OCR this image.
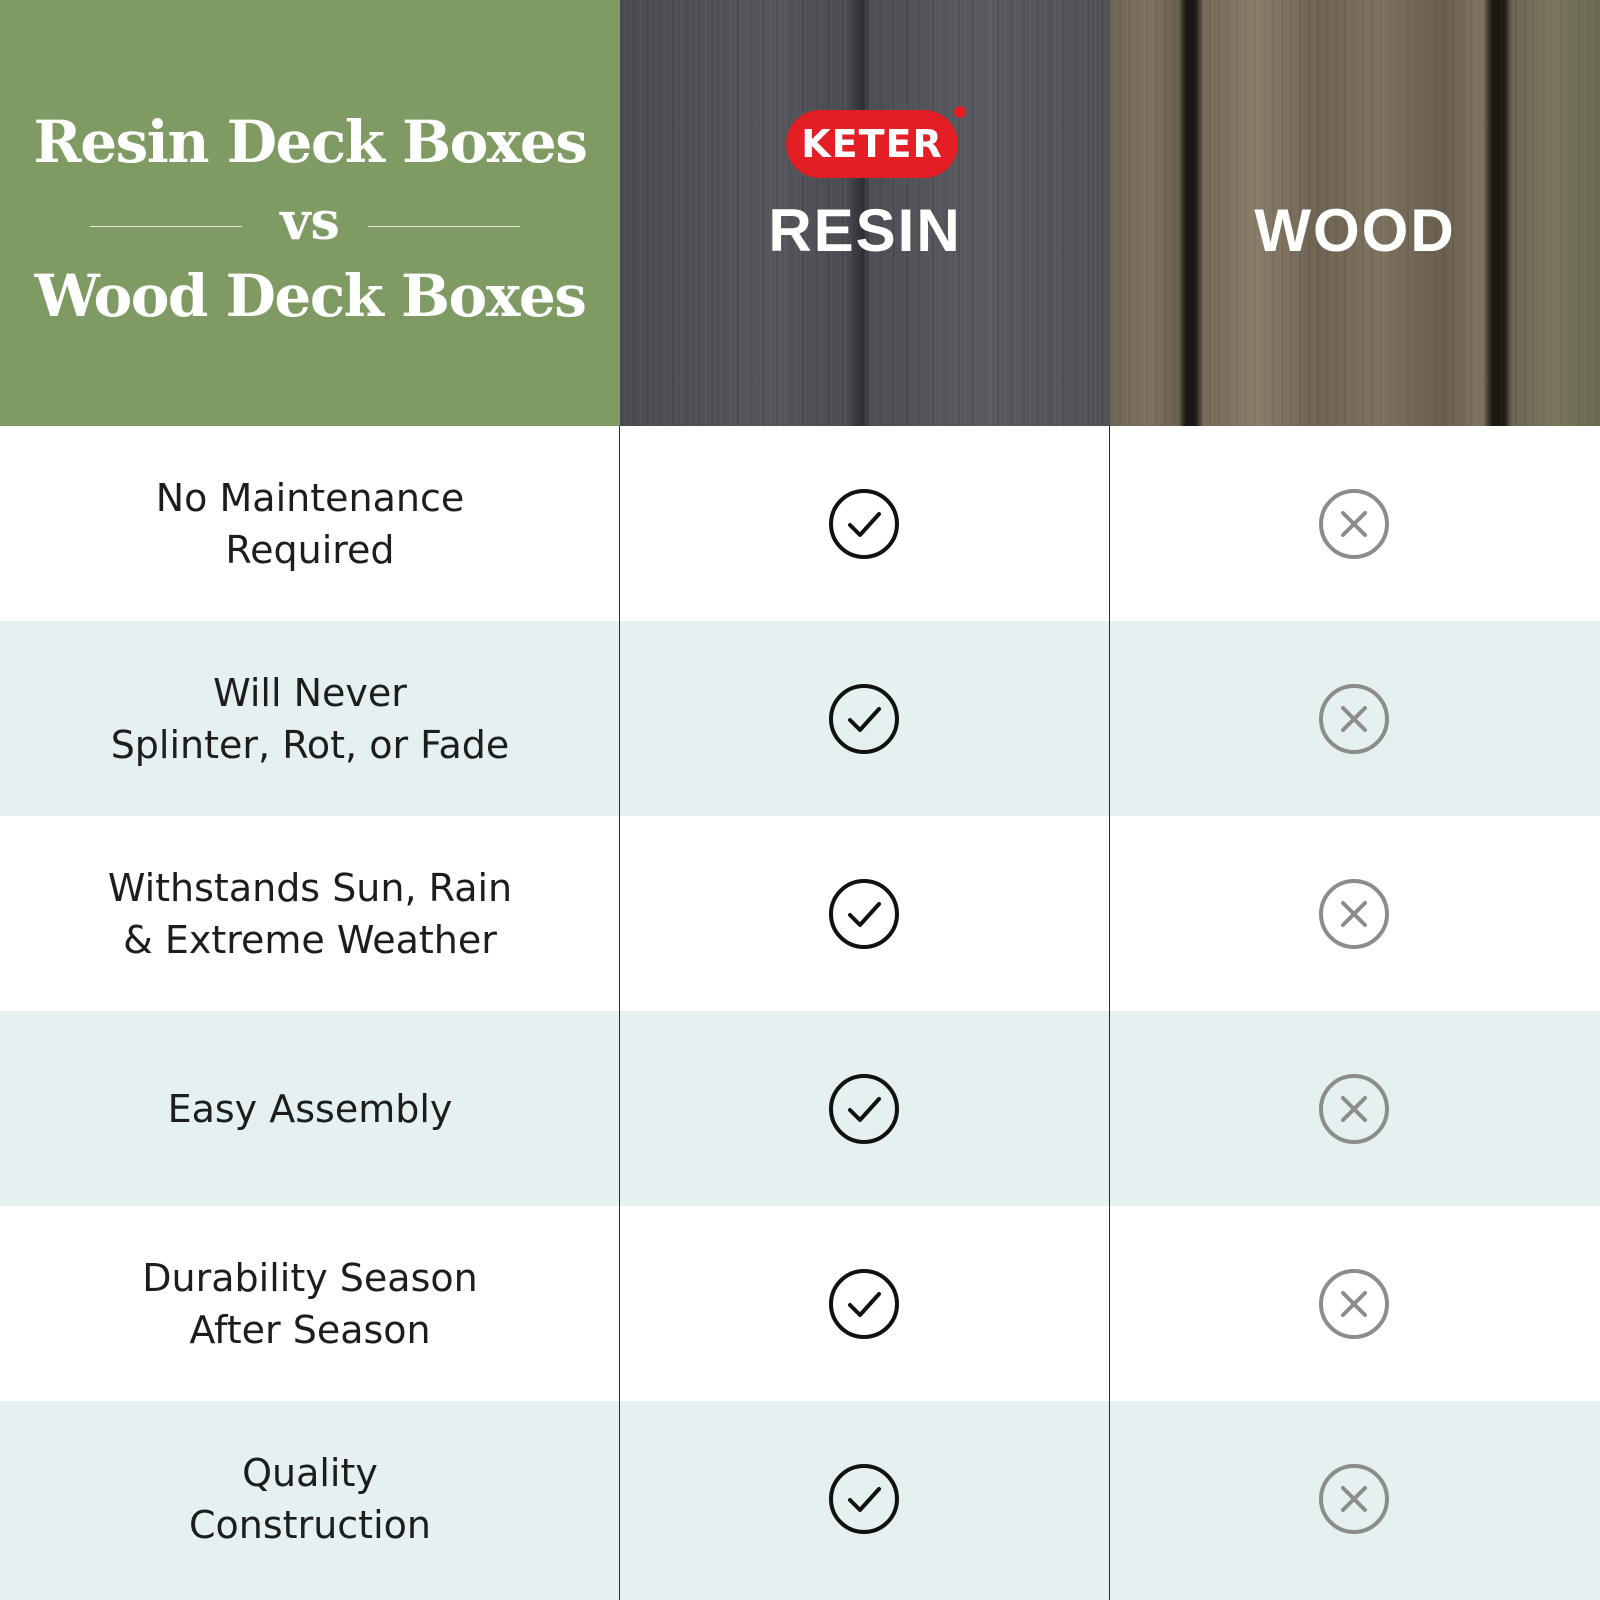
Resin Deck Boxes
vs
Wood Deck Boxes
KETER
RESIN	WOOD
No Maintenance
Required
Will Never
Splinter, Rot, or Fade
Withstands Sun, Rain
& Extreme Weather
Easy Assembly
Durability Season
After Season
Quality
Construction
